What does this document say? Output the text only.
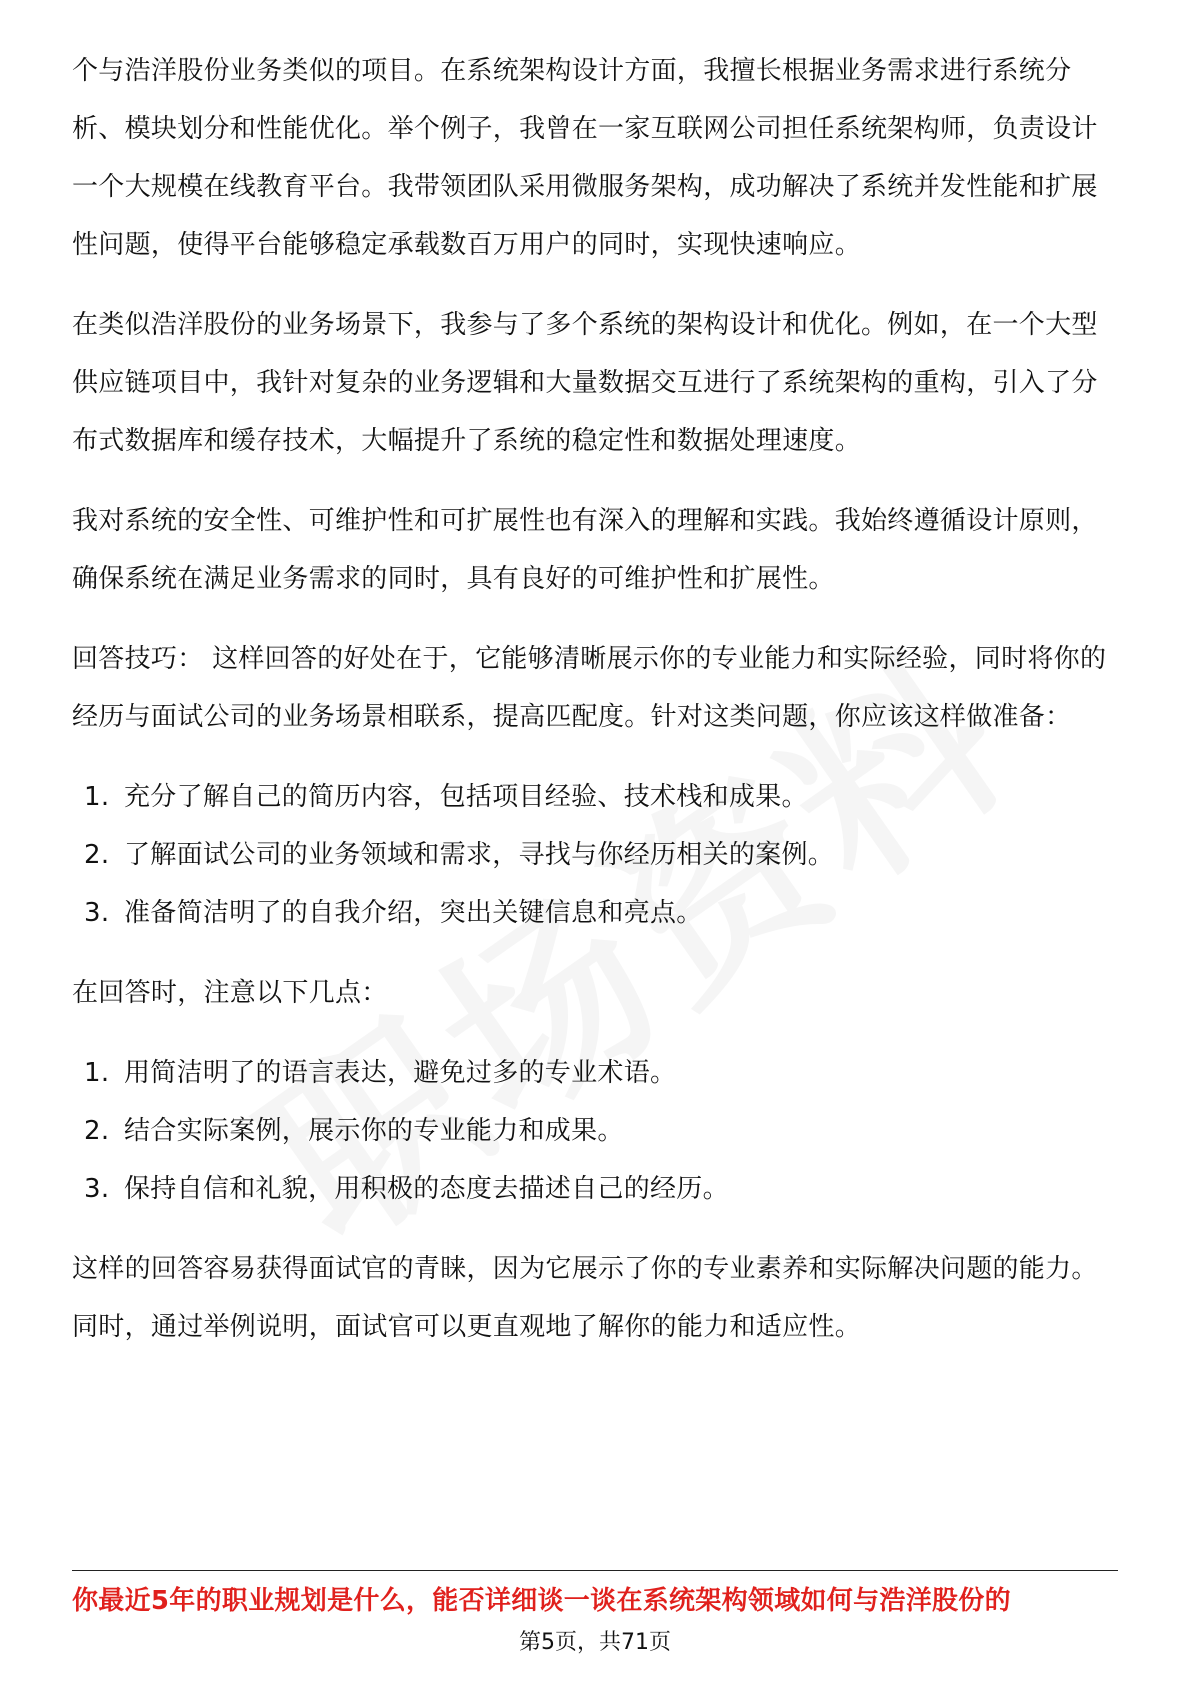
个与浩洋股份业务类似的项目。在系统架构设计方面，我擅长根据业务需求进行系统分析、模块划分和性能优化。举个例子，我曾在一家互联网公司担任系统架构师，负责设计一个大规模在线教育平台。我带领团队采用微服务架构，成功解决了系统并发性能和扩展性问题，使得平台能够稳定承载数百万用户的同时，实现快速响应。

在类似浩洋股份的业务场景下，我参与了多个系统的架构设计和优化。例如，在一个大型供应链项目中，我针对复杂的业务逻辑和大量数据交互进行了系统架构的重构，引入了分布式数据库和缓存技术，大幅提升了系统的稳定性和数据处理速度。

我对系统的安全性、可维护性和可扩展性也有深入的理解和实践。我始终遵循设计原则，确保系统在满足业务需求的同时，具有良好的可维护性和扩展性。

回答技巧： 这样回答的好处在于，它能够清晰展示你的专业能力和实际经验，同时将你的经历与面试公司的业务场景相联系，提高匹配度。针对这类问题，你应该这样做准备：

1. 充分了解自己的简历内容，包括项目经验、技术栈和成果。
2. 了解面试公司的业务领域和需求，寻找与你经历相关的案例。
3. 准备简洁明了的自我介绍，突出关键信息和亮点。

在回答时，注意以下几点：

1. 用简洁明了的语言表达，避免过多的专业术语。
2. 结合实际案例，展示你的专业能力和成果。
3. 保持自信和礼貌，用积极的态度去描述自己的经历。

这样的回答容易获得面试官的青睐，因为它展示了你的专业素养和实际解决问题的能力。同时，通过举例说明，面试官可以更直观地了解你的能力和适应性。

你最近5年的职业规划是什么，能否详细谈一谈在系统架构领域如何与浩洋股份的
第5页，共71页
